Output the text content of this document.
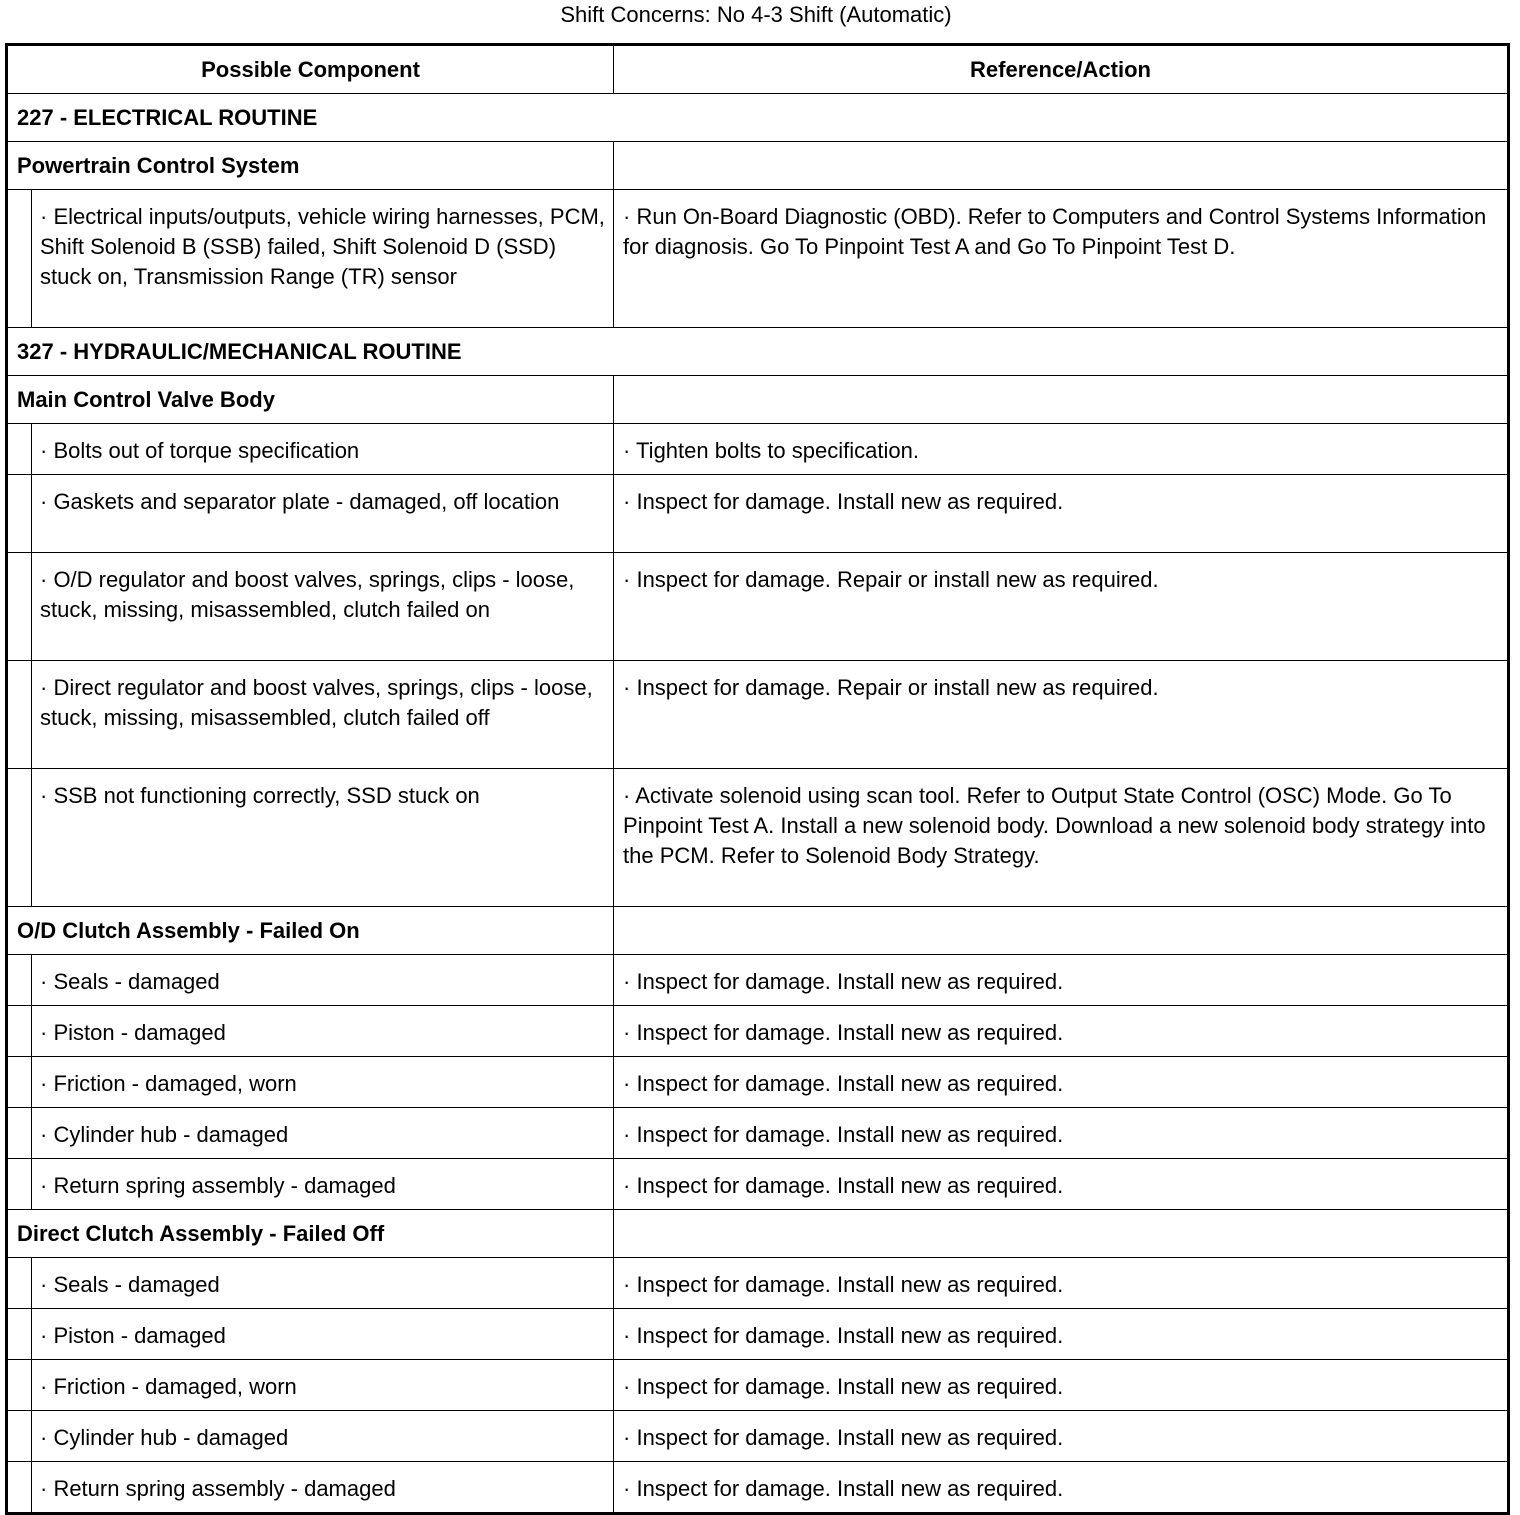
Shift Concerns: No 4-3 Shift (Automatic)
Possible Component		Reference/Action
227 - ELECTRICAL ROUTINE		
Powertrain Control System		
	· Electrical inputs/outputs, vehicle wiring harnesses, PCM, Shift Solenoid B (SSB) failed, Shift Solenoid D (SSD) stuck on, Transmission Range (TR) sensor	· Run On-Board Diagnostic (OBD). Refer to Computers and Control Systems Information for diagnosis. Go To Pinpoint Test A and Go To Pinpoint Test D.
327 - HYDRAULIC/MECHANICAL ROUTINE		
Main Control Valve Body		
	· Bolts out of torque specification	· Tighten bolts to specification.
	· Gaskets and separator plate - damaged, off location	· Inspect for damage. Install new as required.
	· O/D regulator and boost valves, springs, clips - loose, stuck, missing, misassembled, clutch failed on	· Inspect for damage. Repair or install new as required.
	· Direct regulator and boost valves, springs, clips - loose, stuck, missing, misassembled, clutch failed off	· Inspect for damage. Repair or install new as required.
	· SSB not functioning correctly, SSD stuck on	· Activate solenoid using scan tool. Refer to Output State Control (OSC) Mode. Go To Pinpoint Test A. Install a new solenoid body. Download a new solenoid body strategy into the PCM. Refer to Solenoid Body Strategy.
O/D Clutch Assembly - Failed On		
	· Seals - damaged	· Inspect for damage. Install new as required.
	· Piston - damaged	· Inspect for damage. Install new as required.
	· Friction - damaged, worn	· Inspect for damage. Install new as required.
	· Cylinder hub - damaged	· Inspect for damage. Install new as required.
	· Return spring assembly - damaged	· Inspect for damage. Install new as required.
Direct Clutch Assembly - Failed Off		
	· Seals - damaged	· Inspect for damage. Install new as required.
	· Piston - damaged	· Inspect for damage. Install new as required.
	· Friction - damaged, worn	· Inspect for damage. Install new as required.
	· Cylinder hub - damaged	· Inspect for damage. Install new as required.
	· Return spring assembly - damaged	· Inspect for damage. Install new as required.
